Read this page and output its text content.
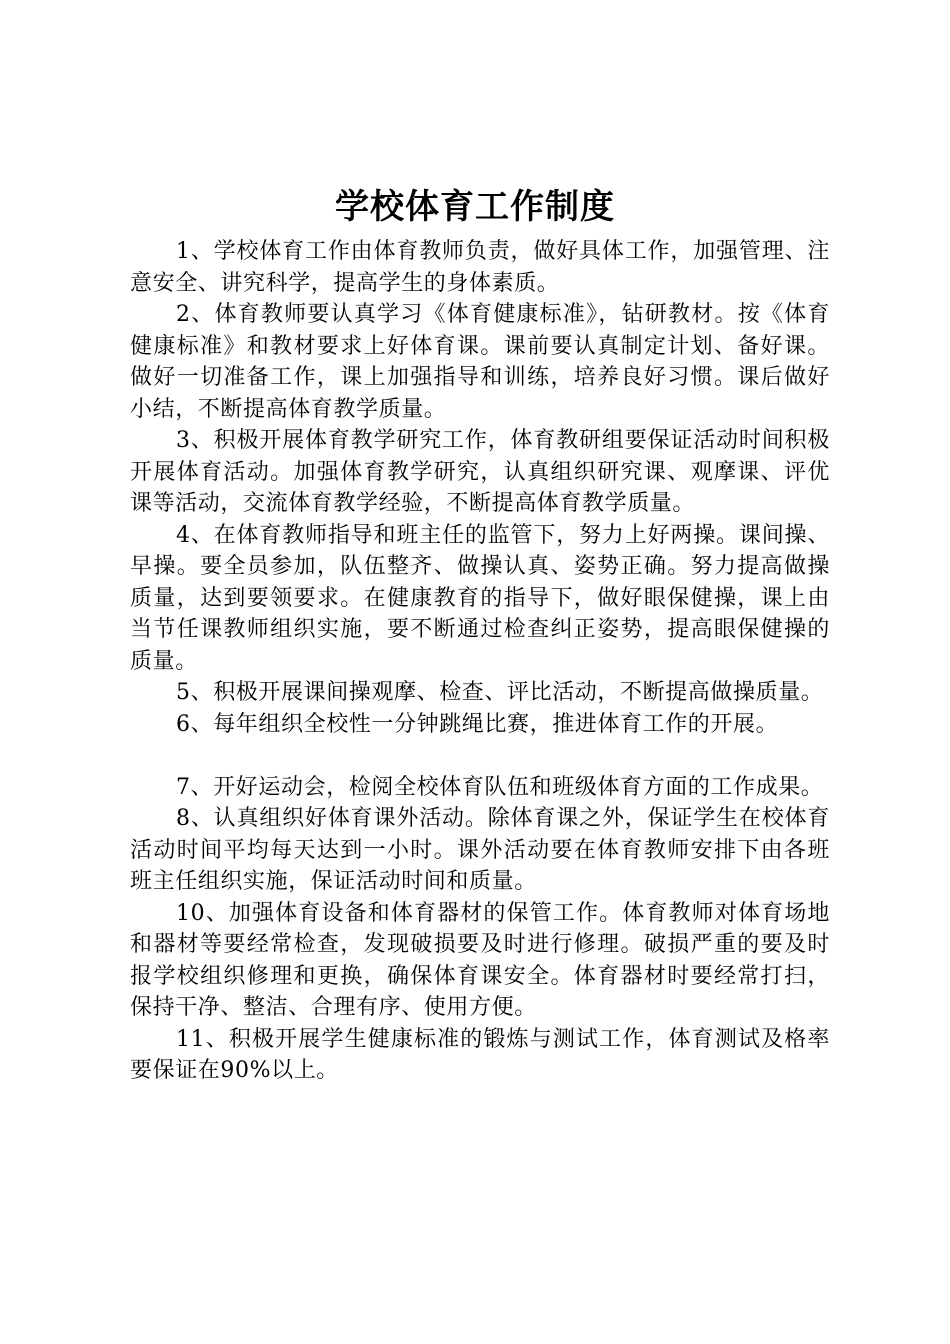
学校体育工作制度

1、学校体育工作由体育教师负责，做好具体工作，加强管理、注意安全、讲究科学，提高学生的身体素质。

2、体育教师要认真学习《体育健康标准》，钻研教材。按《体育健康标准》和教材要求上好体育课。课前要认真制定计划、备好课。做好一切准备工作，课上加强指导和训练，培养良好习惯。课后做好小结，不断提高体育教学质量。

3、积极开展体育教学研究工作，体育教研组要保证活动时间积极开展体育活动。加强体育教学研究，认真组织研究课、观摩课、评优课等活动，交流体育教学经验，不断提高体育教学质量。

4、在体育教师指导和班主任的监管下，努力上好两操。课间操、早操。要全员参加，队伍整齐、做操认真、姿势正确。努力提高做操质量，达到要领要求。在健康教育的指导下，做好眼保健操，课上由当节任课教师组织实施，要不断通过检查纠正姿势，提高眼保健操的质量。

5、积极开展课间操观摩、检查、评比活动，不断提高做操质量。

6、每年组织全校性一分钟跳绳比赛，推进体育工作的开展。

7、开好运动会，检阅全校体育队伍和班级体育方面的工作成果。

8、认真组织好体育课外活动。除体育课之外，保证学生在校体育活动时间平均每天达到一小时。课外活动要在体育教师安排下由各班班主任组织实施，保证活动时间和质量。

10、加强体育设备和体育器材的保管工作。体育教师对体育场地和器材等要经常检查，发现破损要及时进行修理。破损严重的要及时报学校组织修理和更换，确保体育课安全。体育器材时要经常打扫，保持干净、整洁、合理有序、使用方便。

11、积极开展学生健康标准的锻炼与测试工作，体育测试及格率要保证在90%以上。
